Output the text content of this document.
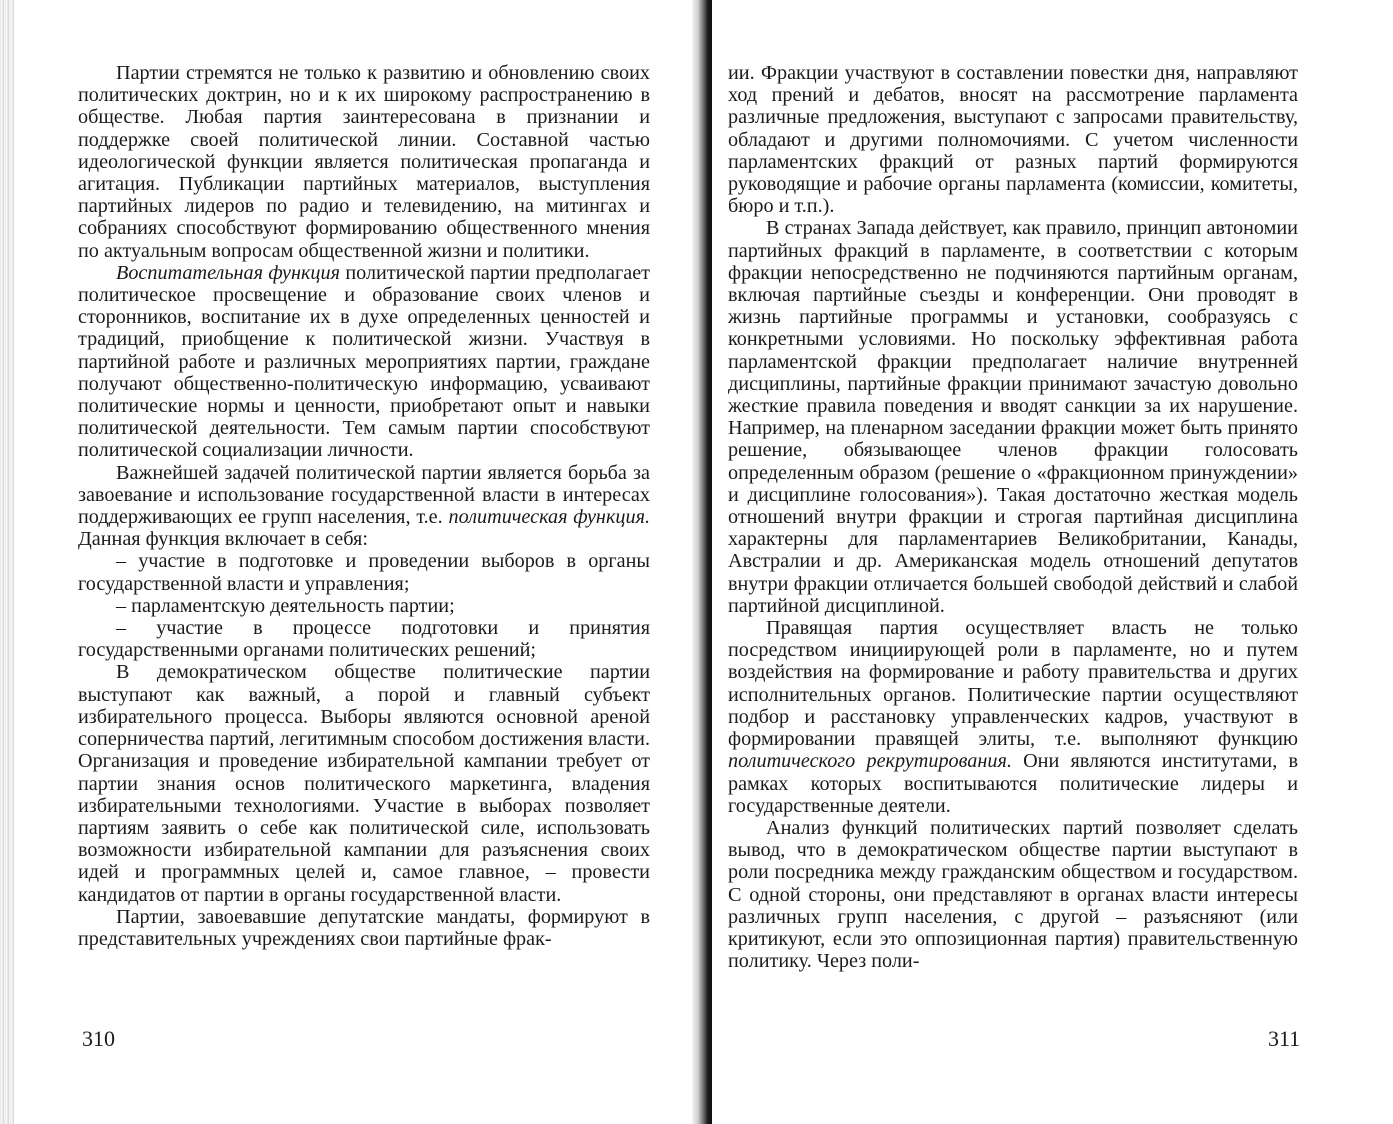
Партии стремятся не только к развитию и обновлению своих политических доктрин, но и к их широкому распространению в обществе. Любая партия заинтересована в признании и поддержке своей политической линии. Составной частью идеологической функции является политическая пропаганда и агитация. Публикации партийных материалов, выступления партийных лидеров по радио и телевидению, на митингах и собраниях способствуют формированию общественного мнения по актуальным вопросам общественной жизни и политики.

Воспитательная функция политической партии предполагает политическое просвещение и образование своих членов и сторонников, воспитание их в духе определенных ценностей и традиций, приобщение к политической жизни. Участвуя в партийной работе и различных мероприятиях партии, граждане получают общественно-политическую информацию, усваивают политические нормы и ценности, приобретают опыт и навыки политической деятельности. Тем самым партии способствуют политической социализации личности.

Важнейшей задачей политической партии является борьба за завоевание и использование государственной власти в интересах поддерживающих ее групп населения, т.е. политическая функция. Данная функция включает в себя:

– участие в подготовке и проведении выборов в органы государственной власти и управления;

– парламентскую деятельность партии;

– участие в процессе подготовки и принятия государственными органами политических решений;

В демократическом обществе политические партии выступают как важный, а порой и главный субъект избирательного процесса. Выборы являются основной ареной соперничества партий, легитимным способом достижения власти. Организация и проведение избирательной кампании требует от партии знания основ политического маркетинга, владения избирательными технологиями. Участие в выборах позволяет партиям заявить о себе как политической силе, использовать возможности избирательной кампании для разъяснения своих идей и программных целей и, самое главное, – провести кандидатов от партии в органы государственной власти.

Партии, завоевавшие депутатские мандаты, формируют в представительных учреждениях свои партийные фрак-

310

ии. Фракции участвуют в составлении повестки дня, направляют ход прений и дебатов, вносят на рассмотрение парламента различные предложения, выступают с запросами правительству, обладают и другими полномочиями. С учетом численности парламентских фракций от разных партий формируются руководящие и рабочие органы парламента (комиссии, комитеты, бюро и т.п.).

В странах Запада действует, как правило, принцип автономии партийных фракций в парламенте, в соответствии с которым фракции непосредственно не подчиняются партийным органам, включая партийные съезды и конференции. Они проводят в жизнь партийные программы и установки, сообразуясь с конкретными условиями. Но поскольку эффективная работа парламентской фракции предполагает наличие внутренней дисциплины, партийные фракции принимают зачастую довольно жесткие правила поведения и вводят санкции за их нарушение. Например, на пленарном заседании фракции может быть принято решение, обязывающее членов фракции голосовать определенным образом (решение о «фракционном принуждении» и дисциплине голосования»). Такая достаточно жесткая модель отношений внутри фракции и строгая партийная дисциплина характерны для парламентариев Великобритании, Канады, Австралии и др. Американская модель отношений депутатов внутри фракции отличается большей свободой действий и слабой партийной дисциплиной.

Правящая партия осуществляет власть не только посредством инициирующей роли в парламенте, но и путем воздействия на формирование и работу правительства и других исполнительных органов. Политические партии осуществляют подбор и расстановку управленческих кадров, участвуют в формировании правящей элиты, т.е. выполняют функцию политического рекрутирования. Они являются институтами, в рамках которых воспитываются политические лидеры и государственные деятели.

Анализ функций политических партий позволяет сделать вывод, что в демократическом обществе партии выступают в роли посредника между гражданским обществом и государством. С одной стороны, они представляют в органах власти интересы различных групп населения, с другой – разъясняют (или критикуют, если это оппозиционная партия) правительственную политику. Через поли-

311
